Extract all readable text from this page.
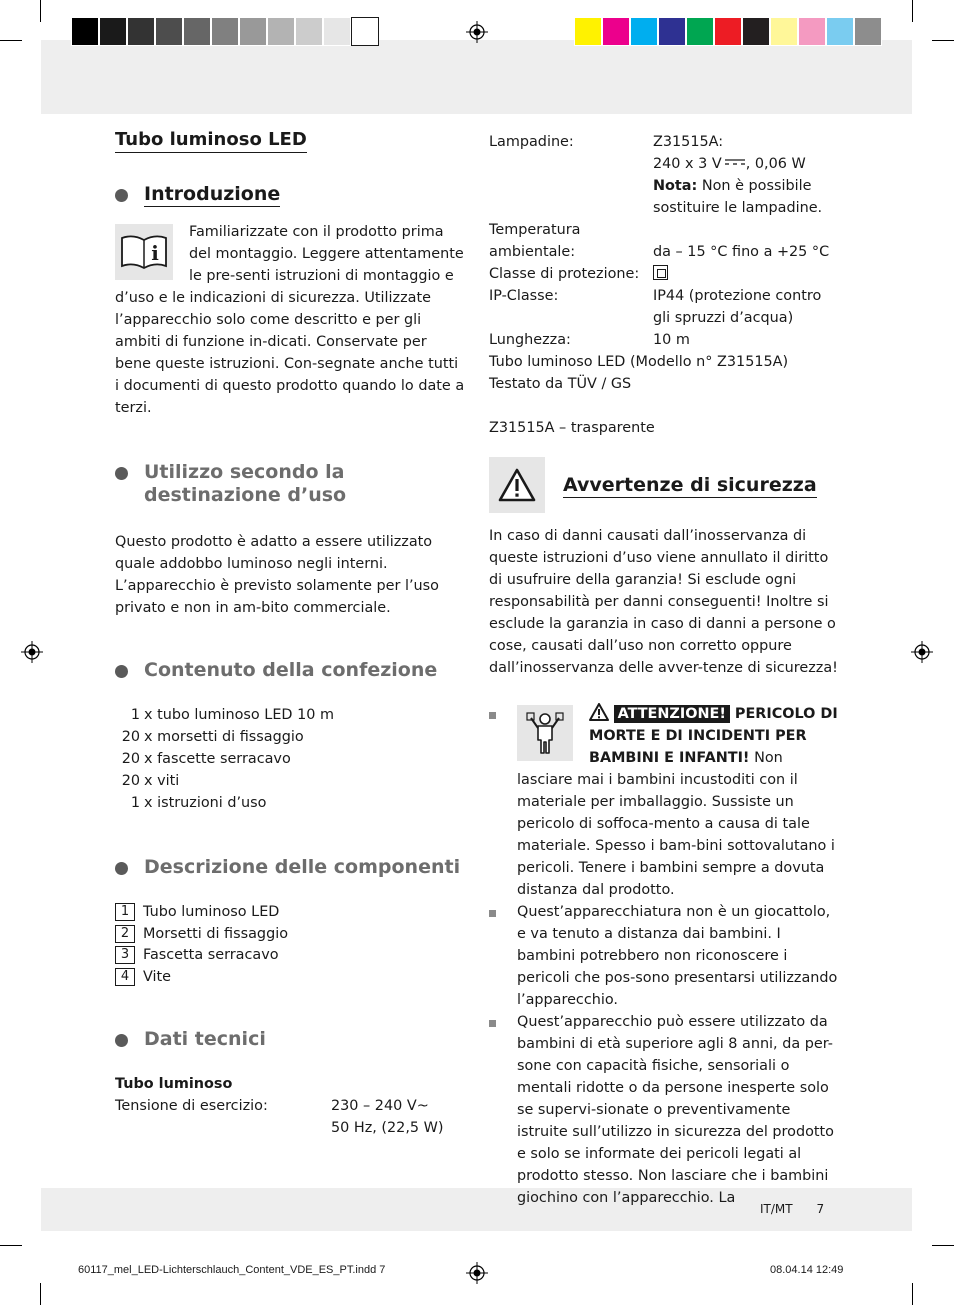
Tubo luminoso LED
Introduzione
i
Familiarizzate con il prodotto prima del montaggio. Leggere attentamente le pre-senti istruzioni di montaggio e d’uso e le indicazioni di sicurezza. Utilizzate l’apparecchio solo come descritto e per gli ambiti di funzione in-dicati. Conservate per bene queste istruzioni. Con-segnate anche tutti i documenti di questo prodotto quando lo date a terzi.
Utilizzo secondo la destinazione d’uso
Questo prodotto è adatto a essere utilizzato quale addobbo luminoso negli interni. L’apparecchio è previsto solamente per l’uso privato e non in am-bito commerciale.
Contenuto della confezione
1 x tubo luminoso LED 10 m
20 x morsetti di fissaggio
20 x fascette serracavo
20 x viti
1 x istruzioni d’uso
Descrizione delle componenti
1 Tubo luminoso LED
2 Morsetti di fissaggio
3 Fascetta serracavo
4 Vite
Dati tecnici
Tubo luminoso
Tensione di esercizio:	230 – 240 V~
50 Hz, (22,5 W)
Lampadine:	Z31515A:
240 x 3 V , 0,06 W
Nota: Non è possibile sostituire le lampadine.
Temperatura
ambientale:	da – 15 °C fino a +25 °C
Classe di protezione:
IP-Classe:	IP44 (protezione contro gli spruzzi d’acqua)
Lunghezza:	10 m
Tubo luminoso LED (Modello n° Z31515A)
Testato da TÜV / GS
Z31515A – trasparente
Avvertenze di sicurezza
In caso di danni causati dall’inosservanza di queste istruzioni d’uso viene annullato il diritto di usufruire della garanzia! Si esclude ogni responsabilità per danni conseguenti! Inoltre si esclude la garanzia in caso di danni a persone o cose, causati dall’uso non corretto oppure dall’inosservanza delle avver-tenze di sicurezza!
ATTENZIONE! PERICOLO DI MORTE E DI INCIDENTI PER BAMBINI E INFANTI! Non lasciare mai i bambini incustoditi con il materiale per imballaggio. Sussiste un pericolo di soffoca-mento a causa di tale materiale. Spesso i bam-bini sottovalutano i pericoli. Tenere i bambini sempre a dovuta distanza dal prodotto.
Quest’apparecchiatura non è un giocattolo, e va tenuto a distanza dai bambini. I bambini potrebbero non riconoscere i pericoli che pos-sono presentarsi utilizzando l’apparecchio.
Quest’apparecchio può essere utilizzato da bambini di età superiore agli 8 anni, da per-sone con capacità fisiche, sensoriali o mentali ridotte o da persone inesperte solo se supervi-sionate o preventivamente istruite sull’utilizzo in sicurezza del prodotto e solo se informate dei pericoli legati al prodotto stesso. Non lasciare che i bambini giochino con l’apparecchio. La
IT/MT 7
60117_mel_LED-Lichterschlauch_Content_VDE_ES_PT.indd 7	08.04.14 12:49
